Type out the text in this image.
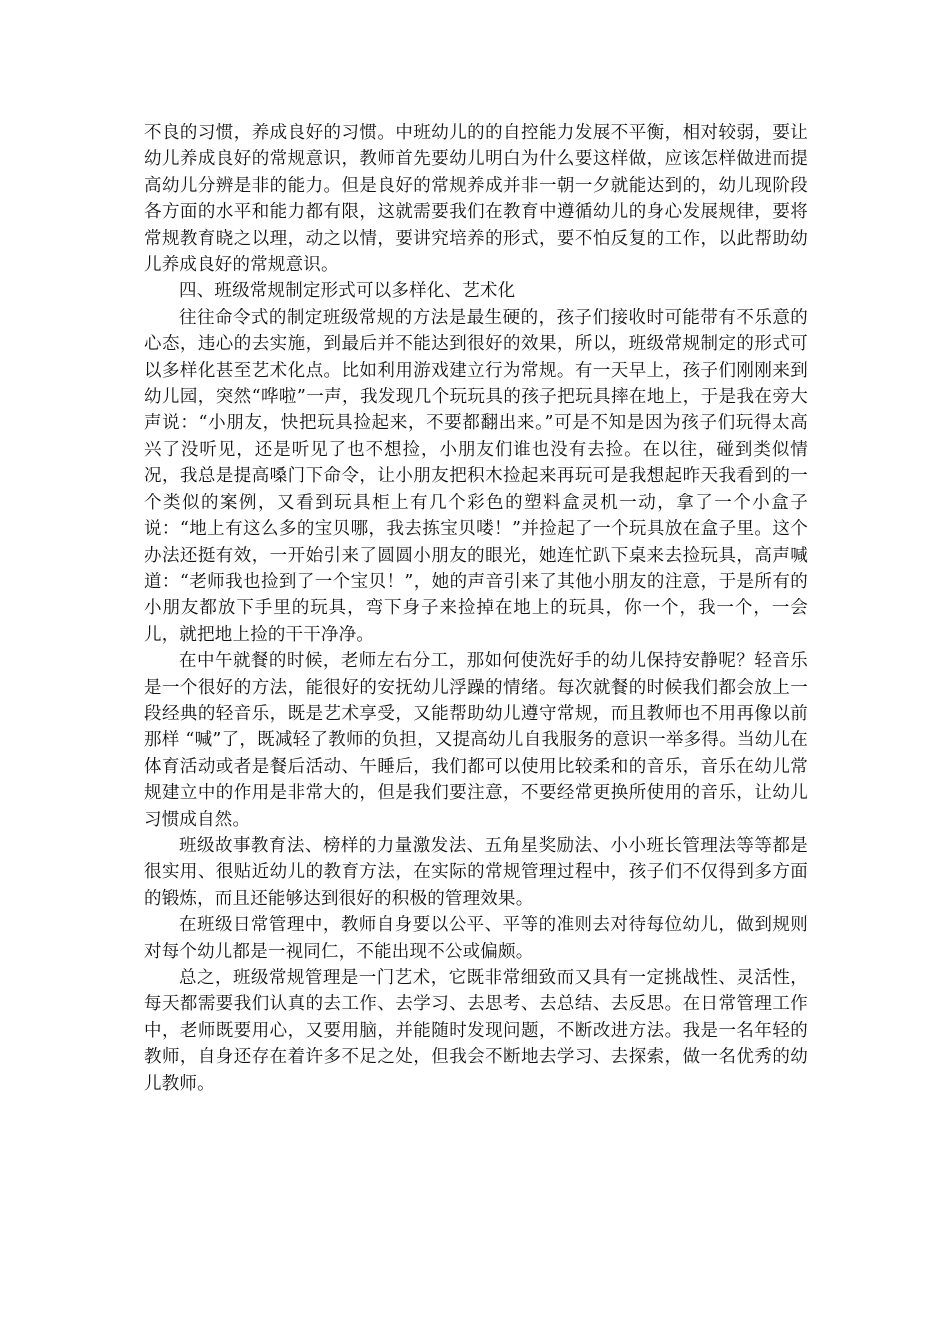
不良的习惯，养成良好的习惯。中班幼儿的的自控能力发展不平衡，相对较弱，要让幼儿养成良好的常规意识，教师首先要幼儿明白为什么要这样做，应该怎样做进而提高幼儿分辨是非的能力。但是良好的常规养成并非一朝一夕就能达到的，幼儿现阶段各方面的水平和能力都有限，这就需要我们在教育中遵循幼儿的身心发展规律，要将常规教育晓之以理，动之以情，要讲究培养的形式，要不怕反复的工作，以此帮助幼儿养成良好的常规意识。

四、班级常规制定形式可以多样化、艺术化

往往命令式的制定班级常规的方法是最生硬的，孩子们接收时可能带有不乐意的心态，违心的去实施，到最后并不能达到很好的效果，所以，班级常规制定的形式可以多样化甚至艺术化点。比如利用游戏建立行为常规。有一天早上，孩子们刚刚来到幼儿园，突然“哗啦”一声，我发现几个玩玩具的孩子把玩具摔在地上，于是我在旁大声说：“小朋友，快把玩具捡起来，不要都翻出来。”可是不知是因为孩子们玩得太高兴了没听见，还是听见了也不想捡，小朋友们谁也没有去捡。在以往，碰到类似情况，我总是提高嗓门下命令，让小朋友把积木捡起来再玩可是我想起昨天我看到的一个类似的案例，又看到玩具柜上有几个彩色的塑料盒灵机一动，拿了一个小盒子说：“地上有这么多的宝贝哪，我去拣宝贝喽！”并捡起了一个玩具放在盒子里。这个办法还挺有效，一开始引来了圆圆小朋友的眼光，她连忙趴下桌来去捡玩具，高声喊道：“老师我也捡到了一个宝贝！”，她的声音引来了其他小朋友的注意，于是所有的小朋友都放下手里的玩具，弯下身子来捡掉在地上的玩具，你一个，我一个，一会儿，就把地上捡的干干净净。

在中午就餐的时候，老师左右分工，那如何使洗好手的幼儿保持安静呢？轻音乐是一个很好的方法，能很好的安抚幼儿浮躁的情绪。每次就餐的时候我们都会放上一段经典的轻音乐，既是艺术享受，又能帮助幼儿遵守常规，而且教师也不用再像以前那样 “喊”了，既减轻了教师的负担，又提高幼儿自我服务的意识一举多得。当幼儿在体育活动或者是餐后活动、午睡后，我们都可以使用比较柔和的音乐，音乐在幼儿常规建立中的作用是非常大的，但是我们要注意，不要经常更换所使用的音乐，让幼儿习惯成自然。

班级故事教育法、榜样的力量激发法、五角星奖励法、小小班长管理法等等都是很实用、很贴近幼儿的教育方法，在实际的常规管理过程中，孩子们不仅得到多方面的锻炼，而且还能够达到很好的积极的管理效果。

在班级日常管理中，教师自身要以公平、平等的准则去对待每位幼儿，做到规则对每个幼儿都是一视同仁，不能出现不公或偏颇。

总之，班级常规管理是一门艺术，它既非常细致而又具有一定挑战性、灵活性，每天都需要我们认真的去工作、去学习、去思考、去总结、去反思。在日常管理工作中，老师既要用心，又要用脑，并能随时发现问题，不断改进方法。我是一名年轻的教师，自身还存在着许多不足之处，但我会不断地去学习、去探索，做一名优秀的幼儿教师。
